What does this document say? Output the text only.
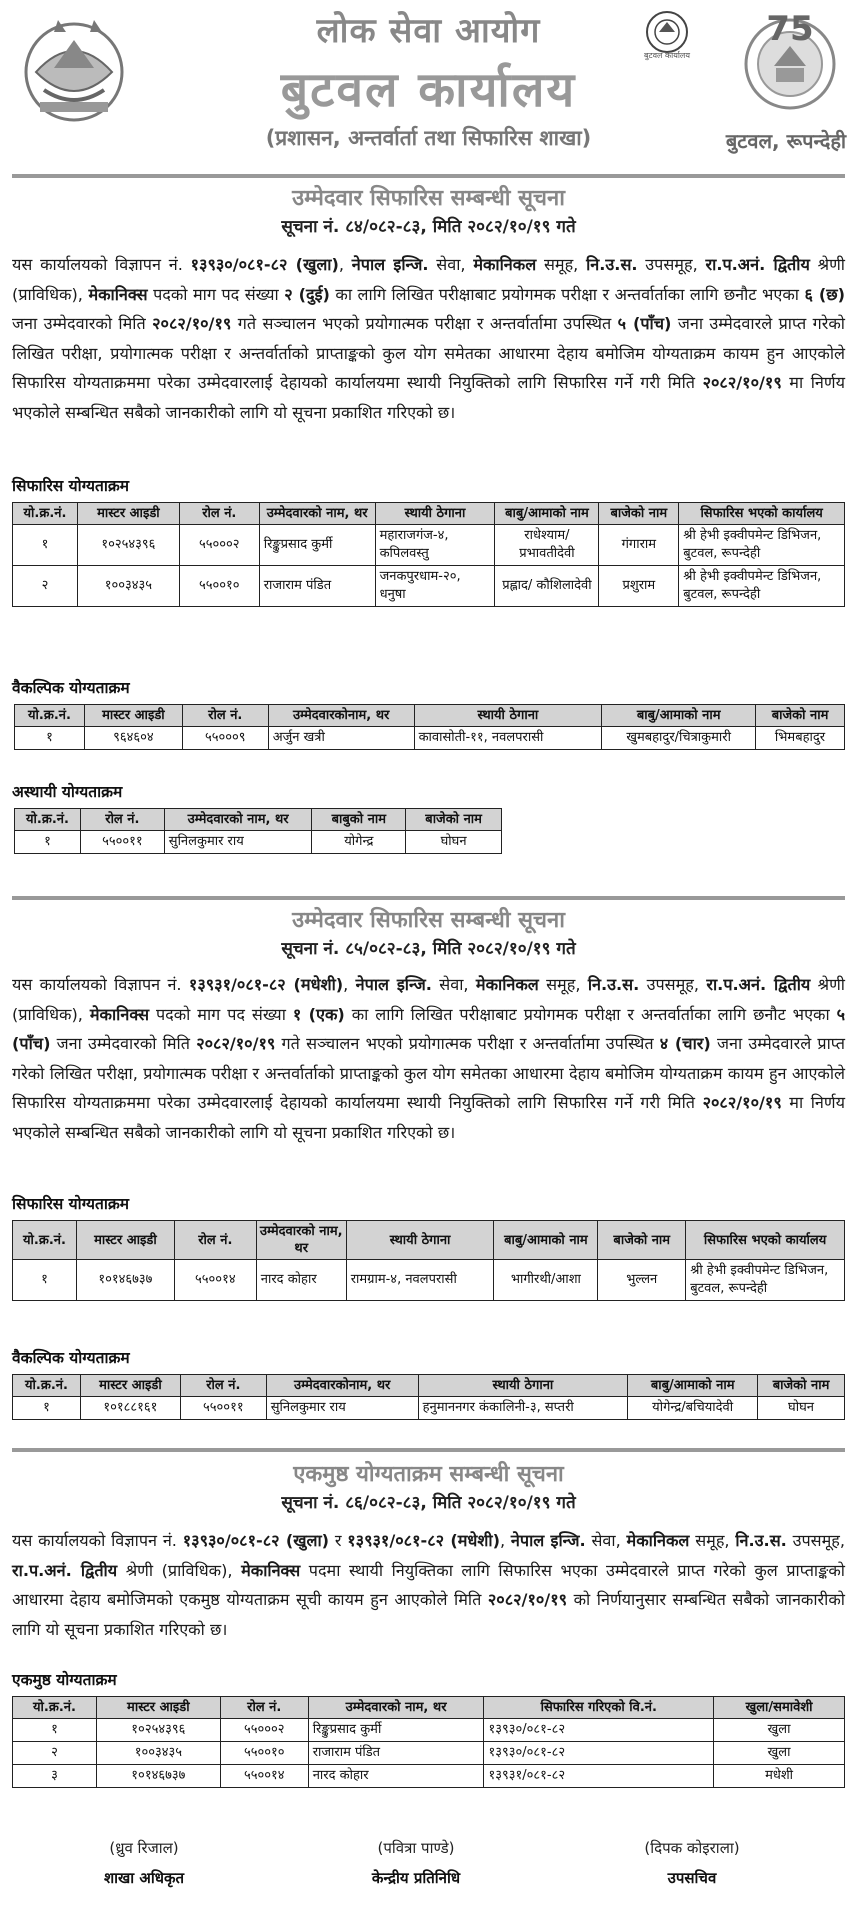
लोक सेवा आयोग
बुटवल कार्यालय
(प्रशासन, अन्तर्वार्ता तथा सिफारिस शाखा)
बुटवल कार्यालय
75
बुटवल, रूपन्देही
उम्मेदवार सिफारिस सम्बन्धी सूचना
सूचना नं. ८४/०८२-८३, मिति २०८२/१०/१९ गते
यस कार्यालयको विज्ञापन नं. १३९३०/०८१-८२ (खुला), नेपाल इन्जि. सेवा, मेकानिकल समूह, नि.उ.स. उपसमूह, रा.प.अनं. द्वितीय श्रेणी (प्राविधिक), मेकानिक्स पदको माग पद संख्या २ (दुई) का लागि लिखित परीक्षाबाट प्रयोगमक परीक्षा र अन्तर्वार्ताका लागि छनौट भएका ६ (छ) जना उम्मेदवारको मिति २०८२/१०/१९ गते सञ्चालन भएको प्रयोगात्मक परीक्षा र अन्तर्वार्तामा उपस्थित ५ (पाँच) जना उम्मेदवारले प्राप्त गरेको लिखित परीक्षा, प्रयोगात्मक परीक्षा र अन्तर्वार्ताको प्राप्ताङ्कको कुल योग समेतका आधारमा देहाय बमोजिम योग्यताक्रम कायम हुन आएकोले सिफारिस योग्यताक्रममा परेका उम्मेदवारलाई देहायको कार्यालयमा स्थायी नियुक्तिको लागि सिफारिस गर्ने गरी मिति २०८२/१०/१९ मा निर्णय भएकोले सम्बन्धित सबैको जानकारीको लागि यो सूचना प्रकाशित गरिएको छ।
सिफारिस योग्यताक्रम
यो.क्र.नं.	मास्टर आइडी	रोल नं.	उम्मेदवारको नाम, थर	स्थायी ठेगाना	बाबु/आमाको नाम	बाजेको नाम	सिफारिस भएको कार्यालय
१	१०२५४३९६	५५०००२	रिङ्कुप्रसाद कुर्मी	महाराजगंज-४, कपिलवस्तु	राधेश्याम/ प्रभावतीदेवी	गंगाराम	श्री हेभी इक्वीपमेन्ट डिभिजन, बुटवल, रूपन्देही
२	१००३४३५	५५००१०	राजाराम पंडित	जनकपुरधाम-२०, धनुषा	प्रह्लाद/ कौशिलादेवी	प्रशुराम	श्री हेभी इक्वीपमेन्ट डिभिजन, बुटवल, रूपन्देही
वैकल्पिक योग्यताक्रम
यो.क्र.नं.	मास्टर आइडी	रोल नं.	उम्मेदवारकोनाम, थर	स्थायी ठेगाना	बाबु/आमाको नाम	बाजेको नाम
१	९६४६०४	५५०००९	अर्जुन खत्री	कावासोती-११, नवलपरासी	खुमबहादुर/चित्राकुमारी	भिमबहादुर
अस्थायी योग्यताक्रम
यो.क्र.नं.	रोल नं.	उम्मेदवारको नाम, थर	बाबुको नाम	बाजेको नाम
१	५५००११	सुनिलकुमार राय	योगेन्द्र	घोघन
उम्मेदवार सिफारिस सम्बन्धी सूचना
सूचना नं. ८५/०८२-८३, मिति २०८२/१०/१९ गते
यस कार्यालयको विज्ञापन नं. १३९३१/०८१-८२ (मधेशी), नेपाल इन्जि. सेवा, मेकानिकल समूह, नि.उ.स. उपसमूह, रा.प.अनं. द्वितीय श्रेणी (प्राविधिक), मेकानिक्स पदको माग पद संख्या १ (एक) का लागि लिखित परीक्षाबाट प्रयोगमक परीक्षा र अन्तर्वार्ताका लागि छनौट भएका ५ (पाँच) जना उम्मेदवारको मिति २०८२/१०/१९ गते सञ्चालन भएको प्रयोगात्मक परीक्षा र अन्तर्वार्तामा उपस्थित ४ (चार) जना उम्मेदवारले प्राप्त गरेको लिखित परीक्षा, प्रयोगात्मक परीक्षा र अन्तर्वार्ताको प्राप्ताङ्कको कुल योग समेतका आधारमा देहाय बमोजिम योग्यताक्रम कायम हुन आएकोले सिफारिस योग्यताक्रममा परेका उम्मेदवारलाई देहायको कार्यालयमा स्थायी नियुक्तिको लागि सिफारिस गर्ने गरी मिति २०८२/१०/१९ मा निर्णय भएकोले सम्बन्धित सबैको जानकारीको लागि यो सूचना प्रकाशित गरिएको छ।
सिफारिस योग्यताक्रम
यो.क्र.नं.	मास्टर आइडी	रोल नं.	उम्मेदवारको नाम, थर	स्थायी ठेगाना	बाबु/आमाको नाम	बाजेको नाम	सिफारिस भएको कार्यालय
१	१०१४६७३७	५५००१४	नारद कोहार	रामग्राम-४, नवलपरासी	भागीरथी/आशा	भुल्लन	श्री हेभी इक्वीपमेन्ट डिभिजन, बुटवल, रूपन्देही
वैकल्पिक योग्यताक्रम
यो.क्र.नं.	मास्टर आइडी	रोल नं.	उम्मेदवारकोनाम, थर	स्थायी ठेगाना	बाबु/आमाको नाम	बाजेको नाम
१	१०१८८१६१	५५००११	सुनिलकुमार राय	हनुमाननगर कंकालिनी-३, सप्तरी	योगेन्द्र/बचियादेवी	घोघन
एकमुष्ठ योग्यताक्रम सम्बन्धी सूचना
सूचना नं. ८६/०८२-८३, मिति २०८२/१०/१९ गते
यस कार्यालयको विज्ञापन नं. १३९३०/०८१-८२ (खुला) र १३९३१/०८१-८२ (मधेशी), नेपाल इन्जि. सेवा, मेकानिकल समूह, नि.उ.स. उपसमूह, रा.प.अनं. द्वितीय श्रेणी (प्राविधिक), मेकानिक्स पदमा स्थायी नियुक्तिका लागि सिफारिस भएका उम्मेदवारले प्राप्त गरेको कुल प्राप्ताङ्कको आधारमा देहाय बमोजिमको एकमुष्ठ योग्यताक्रम सूची कायम हुन आएकोले मिति २०८२/१०/१९ को निर्णयानुसार सम्बन्धित सबैको जानकारीको लागि यो सूचना प्रकाशित गरिएको छ।
एकमुष्ठ योग्यताक्रम
यो.क्र.नं.	मास्टर आइडी	रोल नं.	उम्मेदवारको नाम, थर	सिफारिस गरिएको वि.नं.	खुला/समावेशी
१	१०२५४३९६	५५०००२	रिङ्कुप्रसाद कुर्मी	१३९३०/०८१-८२	खुला
२	१००३४३५	५५००१०	राजाराम पंडित	१३९३०/०८१-८२	खुला
३	१०१४६७३७	५५००१४	नारद कोहार	१३९३१/०८१-८२	मधेशी
(ध्रुव रिजाल)
शाखा अधिकृत
(पवित्रा पाण्डे)
केन्द्रीय प्रतिनिधि
(दिपक कोइराला)
उपसचिव
